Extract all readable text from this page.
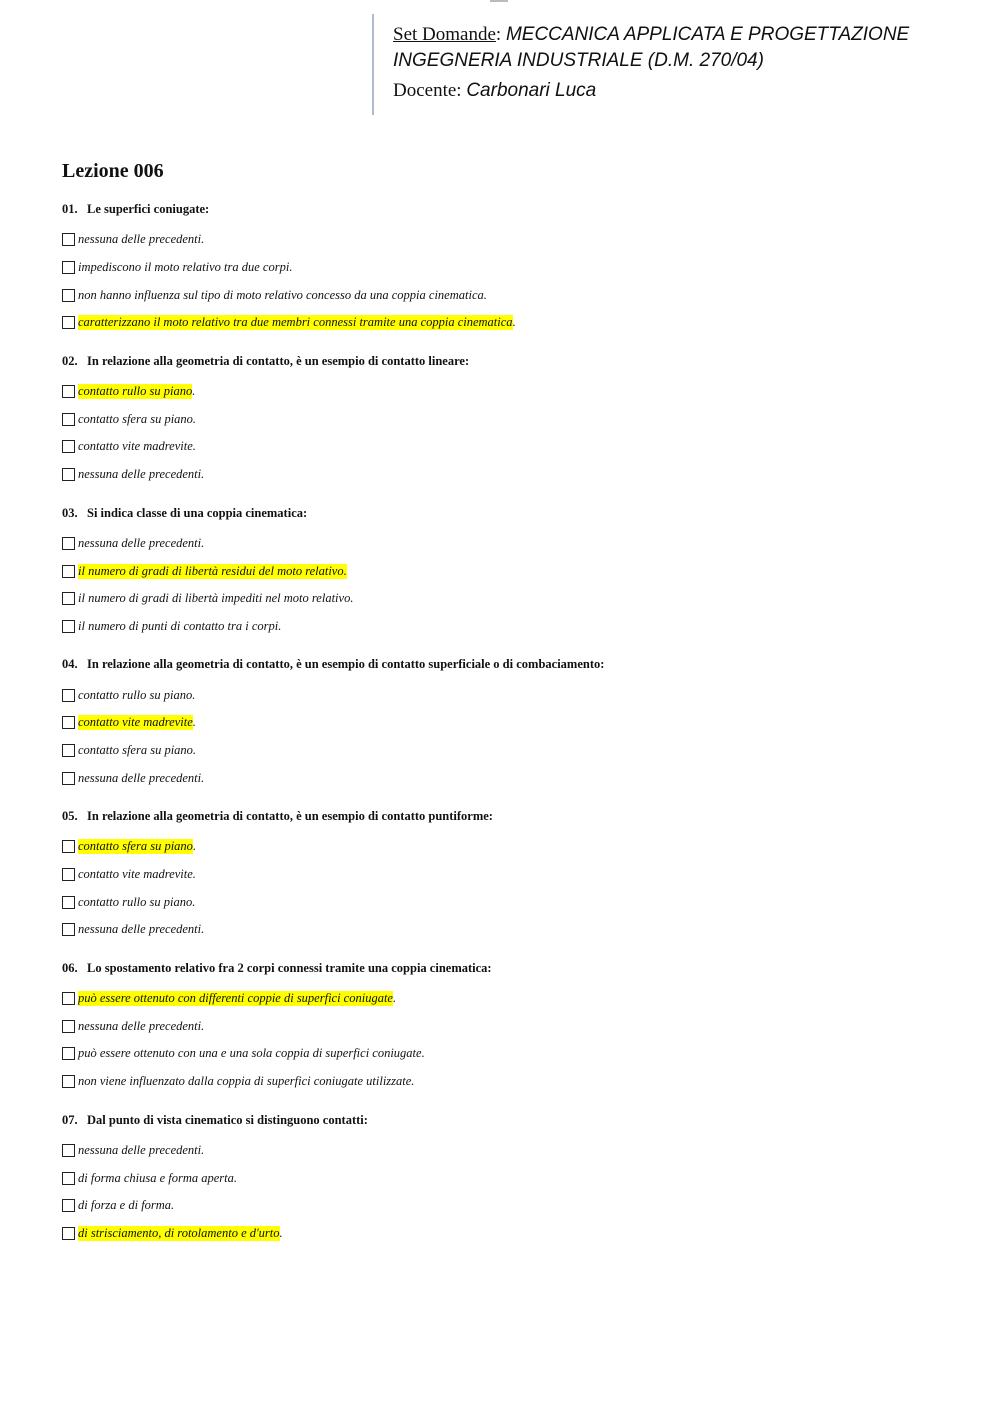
Set Domande: MECCANICA APPLICATA E PROGETTAZIONE
INGEGNERIA INDUSTRIALE (D.M. 270/04)
Docente: Carbonari Luca
Lezione 006
01. Le superfici coniugate:
nessuna delle precedenti.
impediscono il moto relativo tra due corpi.
non hanno influenza sul tipo di moto relativo concesso da una coppia cinematica.
caratterizzano il moto relativo tra due membri connessi tramite una coppia cinematica .
02. In relazione alla geometria di contatto, è un esempio di contatto lineare:
contatto rullo su piano .
contatto sfera su piano.
contatto vite madrevite.
nessuna delle precedenti.
03. Si indica classe di una coppia cinematica:
nessuna delle precedenti.
il numero di gradi di libertà residui del moto relativo.
il numero di gradi di libertà impediti nel moto relativo.
il numero di punti di contatto tra i corpi.
04. In relazione alla geometria di contatto, è un esempio di contatto superficiale o di combaciamento:
contatto rullo su piano.
contatto vite madrevite .
contatto sfera su piano.
nessuna delle precedenti.
05. In relazione alla geometria di contatto, è un esempio di contatto puntiforme:
contatto sfera su piano .
contatto vite madrevite.
contatto rullo su piano.
nessuna delle precedenti.
06. Lo spostamento relativo fra 2 corpi connessi tramite una coppia cinematica:
può essere ottenuto con differenti coppie di superfici coniugate .
nessuna delle precedenti.
può essere ottenuto con una e una sola coppia di superfici coniugate.
non viene influenzato dalla coppia di superfici coniugate utilizzate.
07. Dal punto di vista cinematico si distinguono contatti:
nessuna delle precedenti.
di forma chiusa e forma aperta.
di forza e di forma.
di strisciamento, di rotolamento e d'urto .
